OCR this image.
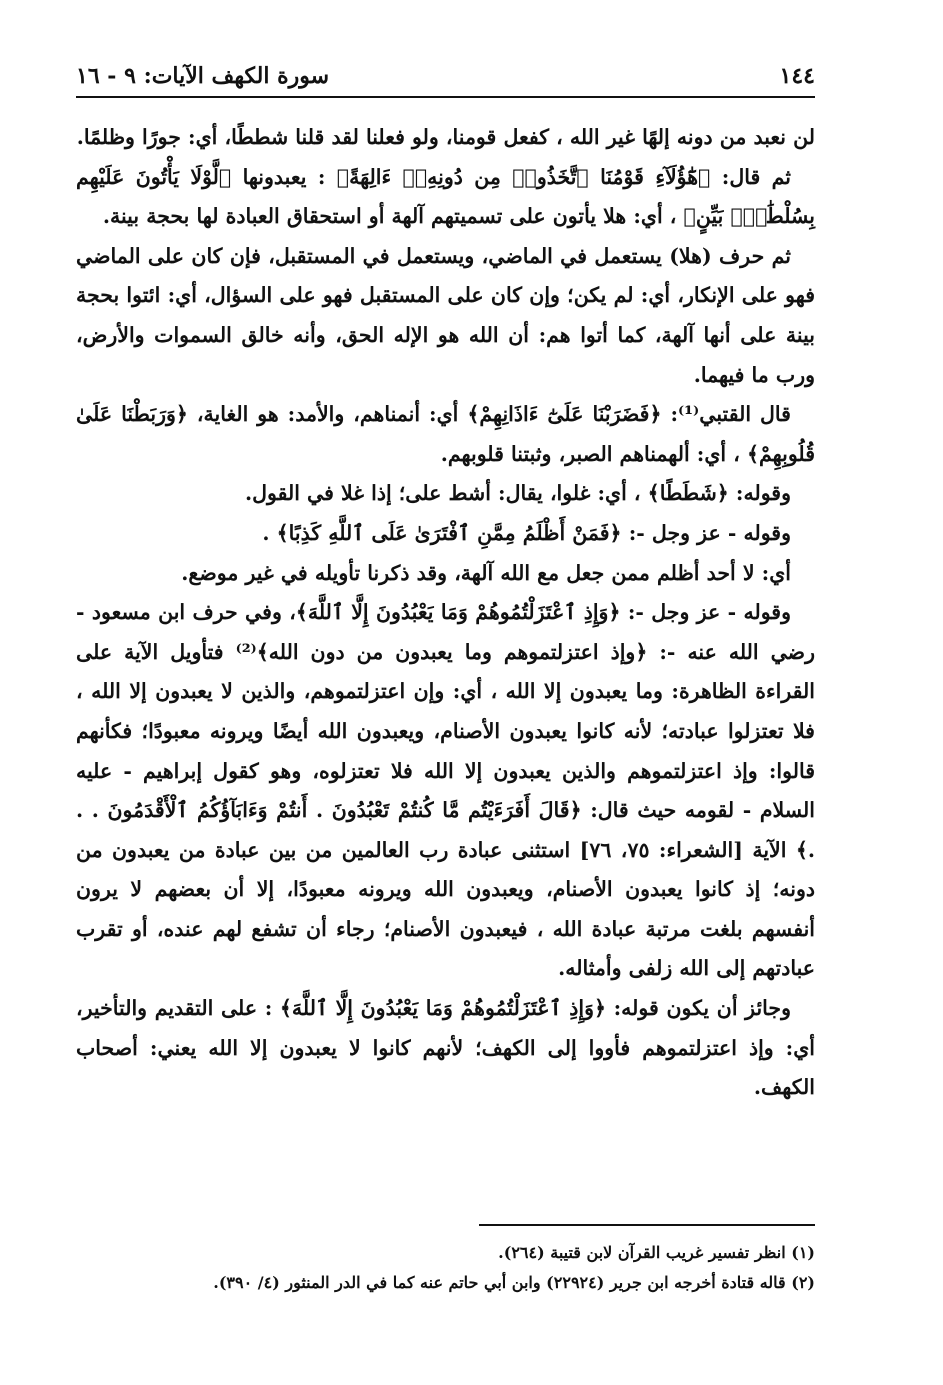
١٤٤
سورة الكهف الآيات: ٩ - ١٦

لن نعبد من دونه إلهًا غير الله ، كفعل قومنا، ولو فعلنا لقد قلنا شططًا، أي: جورًا وظلمًا.

ثم قال: ﴿هَٰٓؤُلَآءِ قَوْمُنَا ٱتَّخَذُوا۟ مِن دُونِهِۦٓ ءَالِهَةً﴾ : يعبدونها ﴿لَّوْلَا يَأْتُونَ عَلَيْهِم بِسُلْطَٰنٍۭ بَيِّنٍ﴾ ، أي: هلا يأتون على تسميتهم آلهة أو استحقاق العبادة لها بحجة بينة.

ثم حرف (هلا) يستعمل في الماضي، ويستعمل في المستقبل، فإن كان على الماضي فهو على الإنكار، أي: لم يكن؛ وإن كان على المستقبل فهو على السؤال، أي: ائتوا بحجة بينة على أنها آلهة، كما أتوا هم: أن الله هو الإله الحق، وأنه خالق السموات والأرض، ورب ما فيهما.

قال القتبي⁽¹⁾: ﴿فَضَرَبْنَا عَلَىٰٓ ءَاذَانِهِمْ﴾ أي: أنمناهم، والأمد: هو الغاية، ﴿وَرَبَطْنَا عَلَىٰ قُلُوبِهِمْ﴾ ، أي: ألهمناهم الصبر، وثبتنا قلوبهم.

وقوله: ﴿شَطَطًا﴾ ، أي: غلوا، يقال: أشط على؛ إذا غلا في القول.

وقوله - عز وجل -: ﴿فَمَنْ أَظْلَمُ مِمَّنِ ٱفْتَرَىٰ عَلَى ٱللَّهِ كَذِبًا﴾ .

أي: لا أحد أظلم ممن جعل مع الله آلهة، وقد ذكرنا تأويله في غير موضع.

وقوله - عز وجل -: ﴿وَإِذِ ٱعْتَزَلْتُمُوهُمْ وَمَا يَعْبُدُونَ إِلَّا ٱللَّهَ﴾، وفي حرف ابن مسعود - رضي الله عنه -: ﴿وإذ اعتزلتموهم وما يعبدون من دون الله﴾⁽²⁾ فتأويل الآية على القراءة الظاهرة: وما يعبدون إلا الله ، أي: وإن اعتزلتموهم، والذين لا يعبدون إلا الله ، فلا تعتزلوا عبادته؛ لأنه كانوا يعبدون الأصنام، ويعبدون الله أيضًا ويرونه معبودًا؛ فكأنهم قالوا: وإذ اعتزلتموهم والذين يعبدون إلا الله فلا تعتزلوه، وهو كقول إبراهيم - عليه السلام - لقومه حيث قال: ﴿قَالَ أَفَرَءَيْتُم مَّا كُنتُمْ تَعْبُدُونَ . أَنتُمْ وَءَابَآؤُكُمُ ٱلْأَقْدَمُونَ . . .﴾ الآية [الشعراء: ٧٥، ٧٦] استثنى عبادة رب العالمين من بين عبادة من يعبدون من دونه؛ إذ كانوا يعبدون الأصنام، ويعبدون الله ويرونه معبودًا، إلا أن بعضهم لا يرون أنفسهم بلغت مرتبة عبادة الله ، فيعبدون الأصنام؛ رجاء أن تشفع لهم عنده، أو تقرب عبادتهم إلى الله زلفى وأمثاله.

وجائز أن يكون قوله: ﴿وَإِذِ ٱعْتَزَلْتُمُوهُمْ وَمَا يَعْبُدُونَ إِلَّا ٱللَّهَ﴾ : على التقديم والتأخير، أي: وإذ اعتزلتموهم فأووا إلى الكهف؛ لأنهم كانوا لا يعبدون إلا الله يعني: أصحاب الكهف.

(١) انظر تفسير غريب القرآن لابن قتيبة (٢٦٤).

(٢) قاله قتادة أخرجه ابن جرير (٢٢٩٢٤) وابن أبي حاتم عنه كما في الدر المنثور (٤/ ٣٩٠).
